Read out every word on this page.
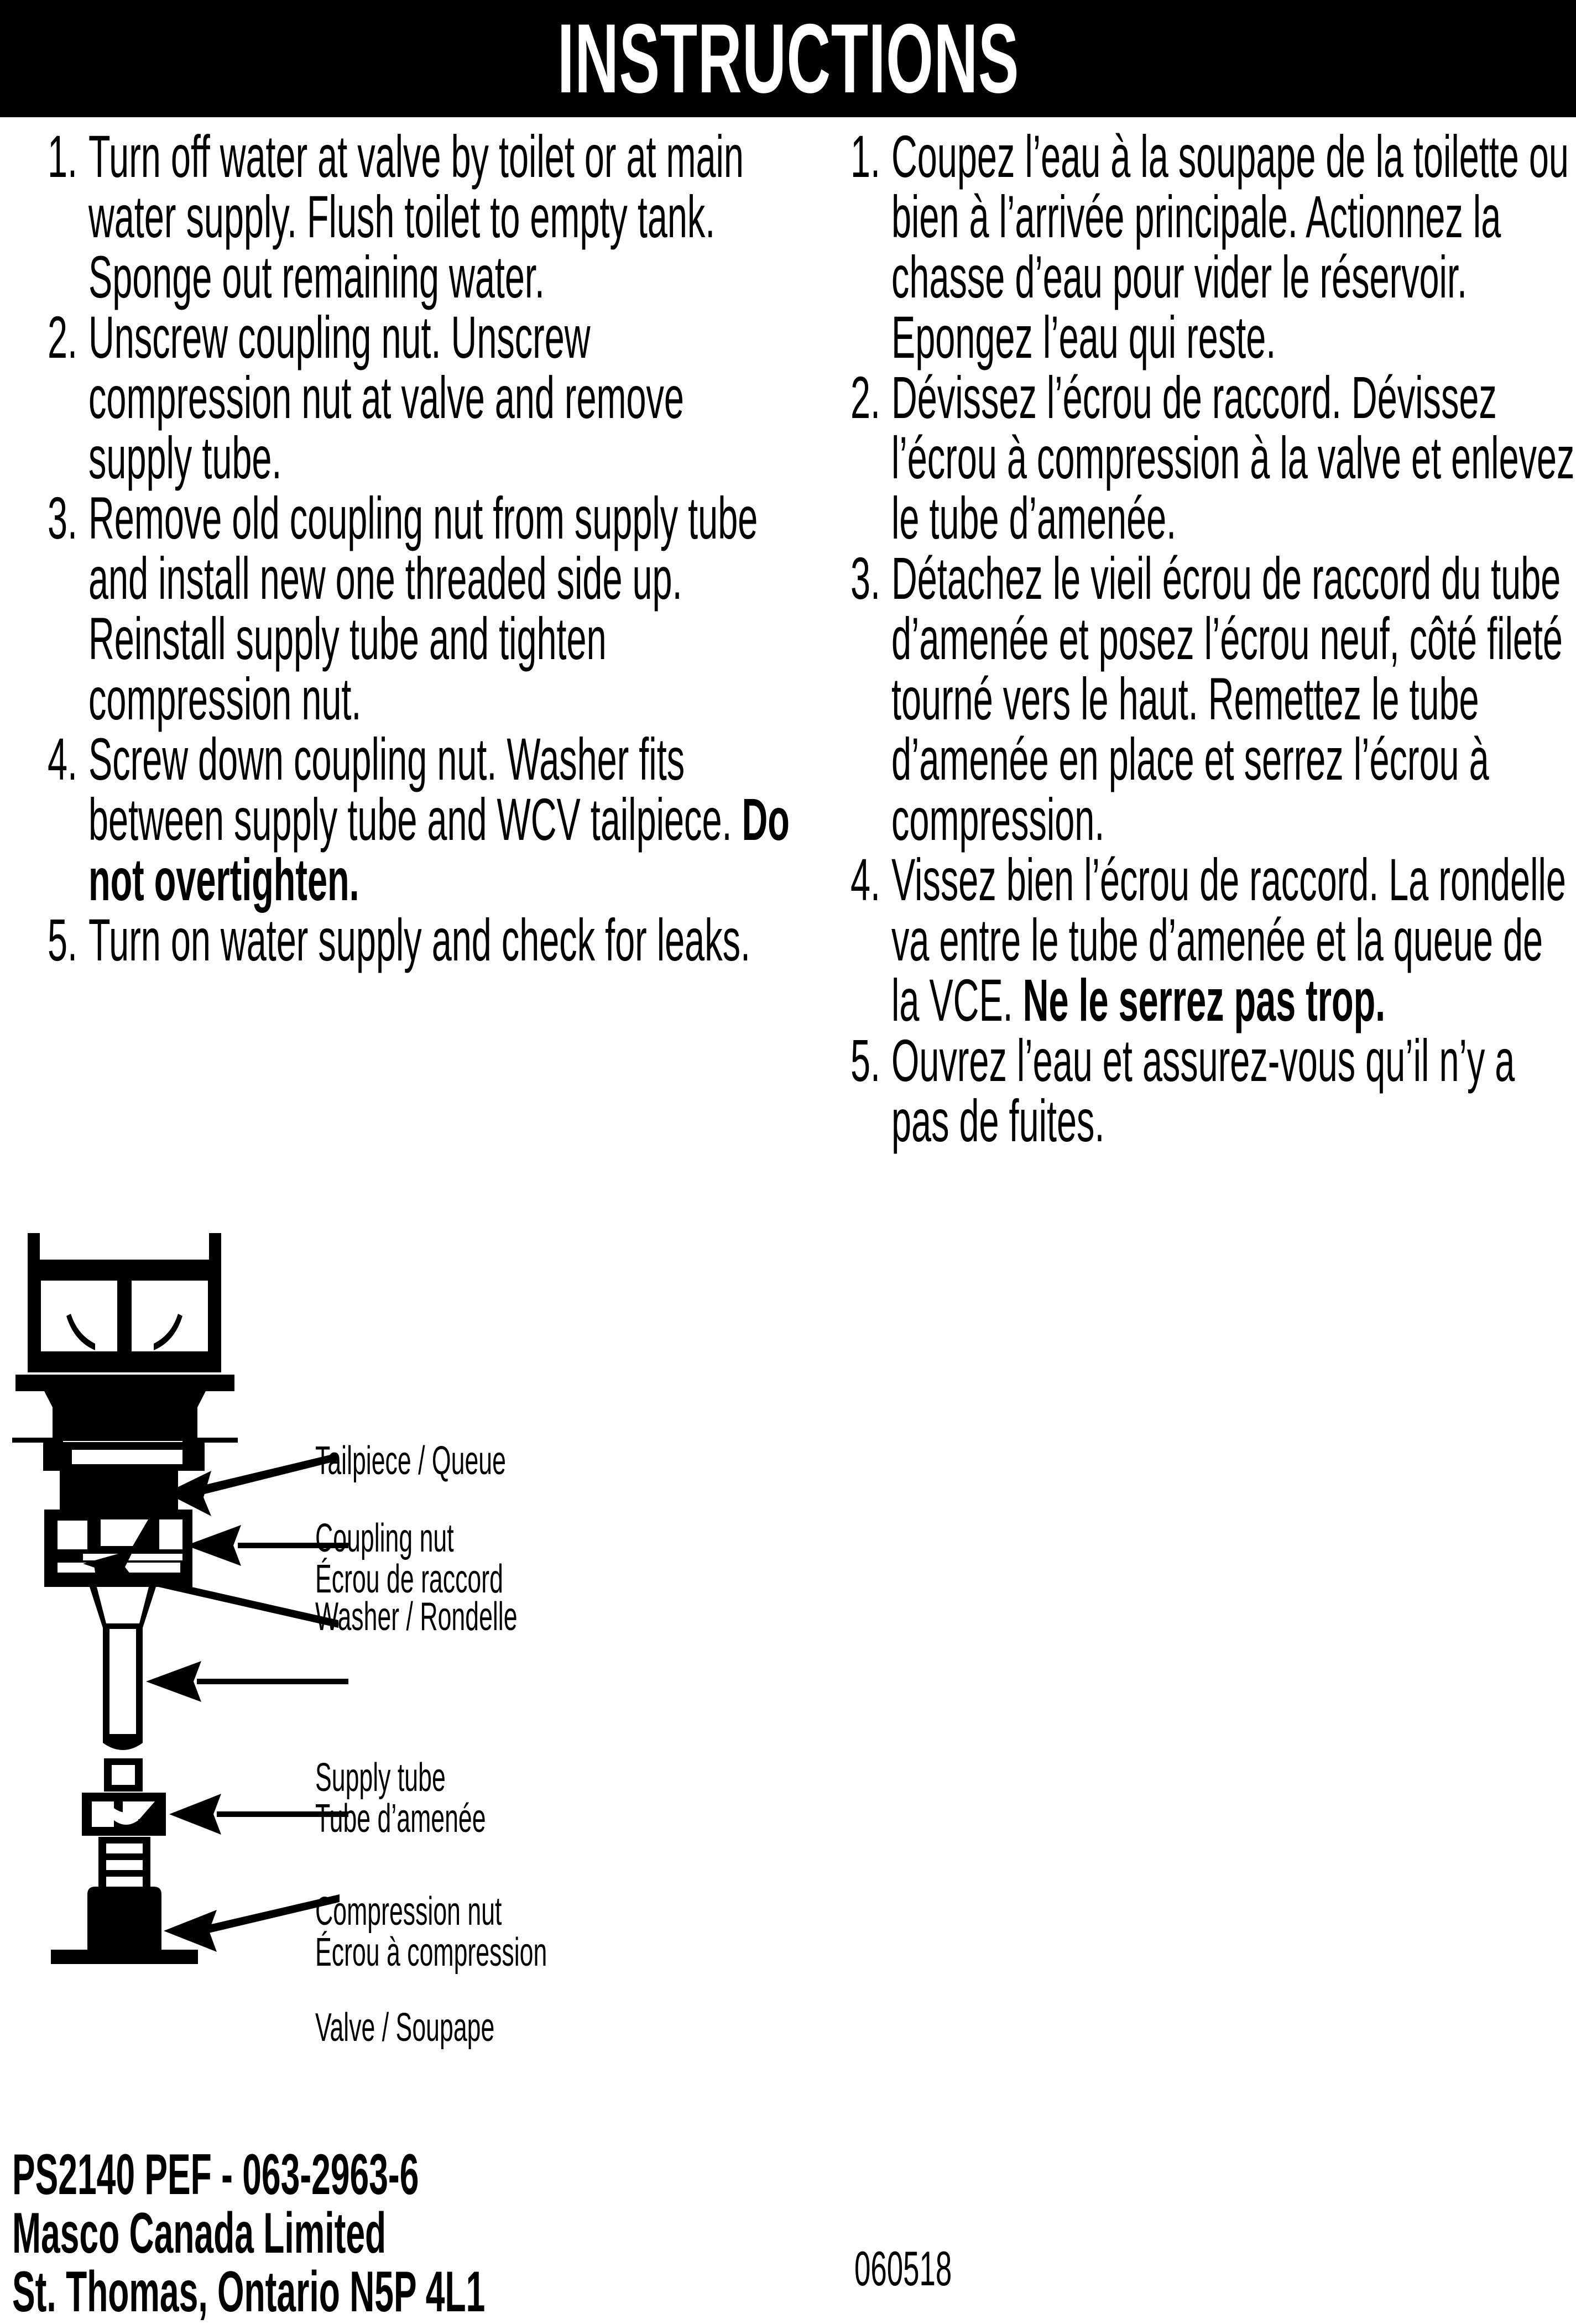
INSTRUCTIONS
1. Turn off water at valve by toilet or at main water supply. Flush toilet to empty tank. Sponge out remaining water.
2. Unscrew coupling nut. Unscrew compression nut at valve and remove supply tube.
3. Remove old coupling nut from supply tube and install new one threaded side up. Reinstall supply tube and tighten compression nut.
4. Screw down coupling nut. Washer fits between supply tube and WCV tailpiece. Do not overtighten.
5. Turn on water supply and check for leaks.
1. Coupez l’eau à la soupape de la toilette ou bien à l’arrivée principale. Actionnez la chasse d’eau pour vider le réservoir. Epongez l’eau qui reste.
2. Dévissez l’écrou de raccord. Dévissez l’écrou à compression à la valve et enlevez le tube d’amenée.
3. Détachez le vieil écrou de raccord du tube d’amenée et posez l’écrou neuf, côté fileté tourné vers le haut. Remettez le tube d’amenée en place et serrez l’écrou à compression.
4. Vissez bien l’écrou de raccord. La rondelle va entre le tube d’amenée et la queue de la VCE. Ne le serrez pas trop.
5. Ouvrez l’eau et assurez-vous qu’il n’y a pas de fuites.
Tailpiece / Queue
Coupling nut
Écrou de raccord
Washer / Rondelle
Supply tube
Tube d’amenée
Compression nut
Écrou à compression
Valve / Soupape
PS2140 PEF - 063-2963-6
Masco Canada Limited
St. Thomas, Ontario N5P 4L1	060518
